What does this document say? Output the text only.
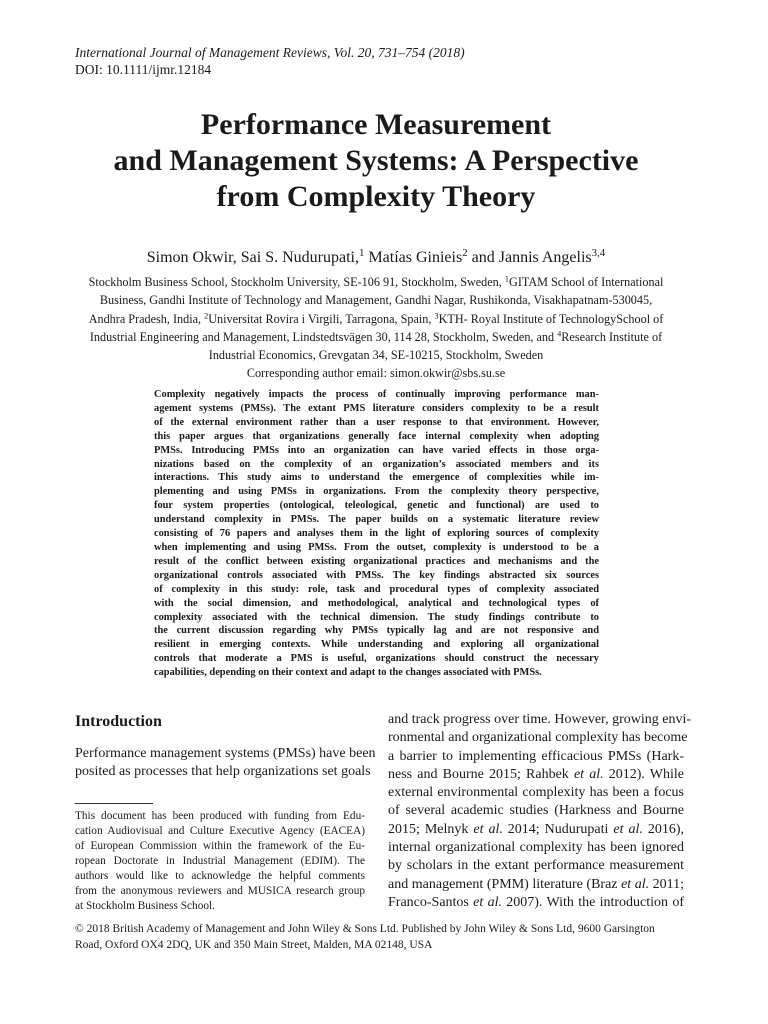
International Journal of Management Reviews, Vol. 20, 731–754 (2018)
DOI: 10.1111/ijmr.12184
Performance Measurement
and Management Systems: A Perspective
from Complexity Theory
Simon Okwir, Sai S. Nudurupati,$^1$ Matías Ginieis$^2$ and Jannis Angelis$^{3,4}$
Stockholm Business School, Stockholm University, SE-106 91, Stockholm, Sweden, $^1$GITAM School of International
Business, Gandhi Institute of Technology and Management, Gandhi Nagar, Rushikonda, Visakhapatnam-530045,
Andhra Pradesh, India, $^2$Universitat Rovira i Virgili, Tarragona, Spain, $^3$KTH- Royal Institute of TechnologySchool of
Industrial Engineering and Management, Lindstedtsvägen 30, 114 28, Stockholm, Sweden, and $^4$Research Institute of
Industrial Economics, Grevgatan 34, SE-10215, Stockholm, Sweden
Corresponding author email: simon.okwir@sbs.su.se
Complexity negatively impacts the process of continually improving performance man-
agement systems (PMSs). The extant PMS literature considers complexity to be a result
of the external environment rather than a user response to that environment. However,
this paper argues that organizations generally face internal complexity when adopting
PMSs. Introducing PMSs into an organization can have varied effects in those orga-
nizations based on the complexity of an organization’s associated members and its
interactions. This study aims to understand the emergence of complexities while im-
plementing and using PMSs in organizations. From the complexity theory perspective,
four system properties (ontological, teleological, genetic and functional) are used to
understand complexity in PMSs. The paper builds on a systematic literature review
consisting of 76 papers and analyses them in the light of exploring sources of complexity
when implementing and using PMSs. From the outset, complexity is understood to be a
result of the conflict between existing organizational practices and mechanisms and the
organizational controls associated with PMSs. The key findings abstracted six sources
of complexity in this study: role, task and procedural types of complexity associated
with the social dimension, and methodological, analytical and technological types of
complexity associated with the technical dimension. The study findings contribute to
the current discussion regarding why PMSs typically lag and are not responsive and
resilient in emerging contexts. While understanding and exploring all organizational
controls that moderate a PMS is useful, organizations should construct the necessary
capabilities, depending on their context and adapt to the changes associated with PMSs.
Introduction
Performance management systems (PMSs) have been
posited as processes that help organizations set goals
This document has been produced with funding from Edu-
cation Audiovisual and Culture Executive Agency (EACEA)
of European Commission within the framework of the Eu-
ropean Doctorate in Industrial Management (EDIM). The
authors would like to acknowledge the helpful comments
from the anonymous reviewers and MUSICA research group
at Stockholm Business School.
and track progress over time. However, growing envi-
ronmental and organizational complexity has become
a barrier to implementing efficacious PMSs (Hark-
ness and Bourne 2015; Rahbek et al. 2012). While
external environmental complexity has been a focus
of several academic studies (Harkness and Bourne
2015; Melnyk et al. 2014; Nudurupati et al. 2016),
internal organizational complexity has been ignored
by scholars in the extant performance measurement
and management (PMM) literature (Braz et al. 2011;
Franco-Santos et al. 2007). With the introduction of
© 2018 British Academy of Management and John Wiley & Sons Ltd. Published by John Wiley & Sons Ltd, 9600 Garsington
Road, Oxford OX4 2DQ, UK and 350 Main Street, Malden, MA 02148, USA
